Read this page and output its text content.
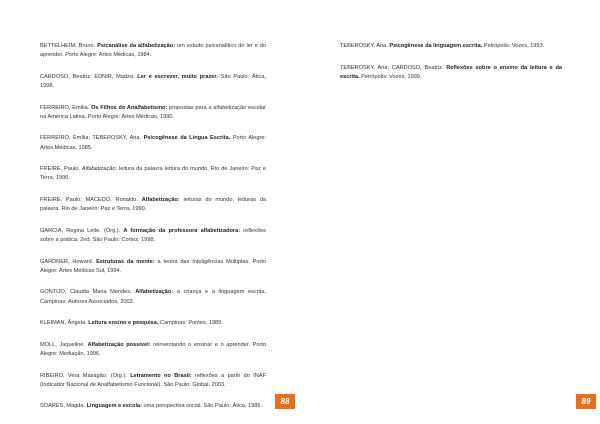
BETTELHEIM, Bruno. Psicanálise da alfabetização: um estudo psicanalítico do ler e do aprender. Porto Alegre: Artes Médicas, 1984.

CARDOSO, Beatriz; EDNIR, Madza. Ler e escrever, muito prazer. São Paulo: Ática, 1998.

FERREIRO, Emília. Os Filhos do Analfabetismo: propostas para a alfabetização escolar na América Latina. Porto Alegre: Artes Médicas, 1990.

FERREIRO, Emília; TEBEROSKY, Ana. Psicogênese da Língua Escrita. Porto Alegre: Artes Médicas, 1985.

FREIRE, Paulo. Alfabetização: leitura da palavra leitura do mundo. Rio de Janeiro: Paz e Terra, 1990.

FREIRE, Paulo; MACEDO, Ronaldo. Alfabetização: leituras do mundo, leituras da palavra. Rio de Janeiro: Paz e Terra, 1990.

GARCIA, Regina Leite. (Org.). A formação da professora alfabetizadora: reflexões sobre a prática. 2ed. São Paulo: Cortez, 1998.

GARDNER, Howard. Estruturas da mente: a teoria das Inteligências Múltiplas. Porto Alegre: Artes Médicas Sul, 1994.

GONTIJO, Cláudia Maria Mendes. Alfabetização: a criança e a linguagem escrita. Campinas: Autores Associados, 2003.

KLEIMAN, Ângela. Leitura ensino e pesquisa. Campinas: Pontes, 1989.

MOLL, Jaqueline. Alfabetização possível: reinventando o ensinar e o aprender. Porto Alegre: Mediação, 1996.

RIBEIRO, Vera Masagão. (Org.). Letramento no Brasil: reflexões a partir do INAF (Indicador Nacional de Analfabetismo Funcional). São Paulo: Global, 2003.

SOARES, Magda. Linguagem e escola: uma perspectiva social. São Paulo: Ática, 1986.

88

TEBEROSKY, Ana. Psicogênese da linguagem escrita. Petrópolis: Vozes, 1993.

TEBEROSKY, Ana; CARDOSO, Beatriz. Reflexões sobre o ensino da leitura e da escrita. Petrópolis: Vozes, 1999.

89
